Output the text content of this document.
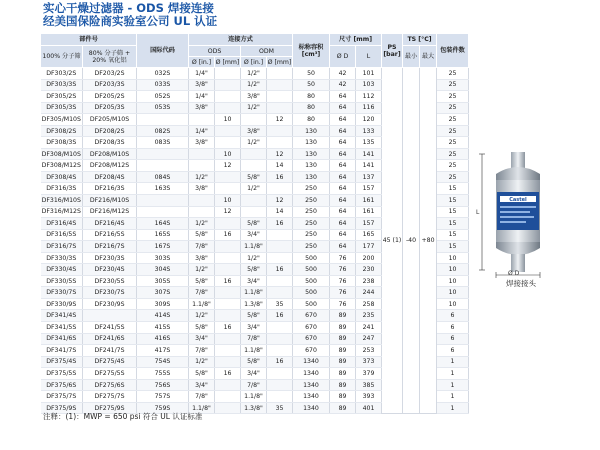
实心干燥过滤器 - ODS 焊接连接
经美国保险商实验室公司 UL 认证
部件号		国际代码	连接方式				标称容积 [cm³]	尺寸 [mm]		PS [bar]	TS [°C]		包装件数
100% 分子筛	80% 分子筛 + 20% 氧化铝		ODS		ODM			Ø D	L		最小	最大	
			Ø [in.]	Ø [mm]	Ø [in.]	Ø [mm]							
DF303/2S	DF203/2S	032S	1/4"		1/2"		50	42	101	45 (1)	-40	+80	25
DF303/3S	DF203/3S	033S	3/8"		1/2"		50	42	103				25
DF305/2S	DF205/2S	052S	1/4"		3/8"		80	64	112				25
DF305/3S	DF205/3S	053S	3/8"		1/2"		80	64	116				25
DF305/M10S	DF205/M10S			10		12	80	64	120				25
DF308/2S	DF208/2S	082S	1/4"		3/8"		130	64	133				25
DF308/3S	DF208/3S	083S	3/8"		1/2"		130	64	135				25
DF308/M10S	DF208/M10S			10		12	130	64	141				25
DF308/M12S	DF208/M12S			12		14	130	64	141				25
DF308/4S	DF208/4S	084S	1/2"		5/8"	16	130	64	137				25
DF316/3S	DF216/3S	163S	3/8"		1/2"		250	64	157				15
DF316/M10S	DF216/M10S			10		12	250	64	161				15
DF316/M12S	DF216/M12S			12		14	250	64	161				15
DF316/4S	DF216/4S	164S	1/2"		5/8"	16	250	64	157				15
DF316/5S	DF216/5S	165S	5/8"	16	3/4"		250	64	165				15
DF316/7S	DF216/7S	167S	7/8"		1.1/8"		250	64	177				15
DF330/3S	DF230/3S	303S	3/8"		1/2"		500	76	200				10
DF330/4S	DF230/4S	304S	1/2"		5/8"	16	500	76	230				10
DF330/5S	DF230/5S	305S	5/8"	16	3/4"		500	76	238				10
DF330/7S	DF230/7S	307S	7/8"		1.1/8"		500	76	244				10
DF330/9S	DF230/9S	309S	1.1/8"		1.3/8"	35	500	76	258				10
DF341/4S		414S	1/2"		5/8"	16	670	89	235				6
DF341/5S	DF241/5S	415S	5/8"	16	3/4"		670	89	241				6
DF341/6S	DF241/6S	416S	3/4"		7/8"		670	89	247				6
DF341/7S	DF241/7S	417S	7/8"		1.1/8"		670	89	253				6
DF375/4S	DF275/4S	754S	1/2"		5/8"	16	1340	89	373				1
DF375/5S	DF275/5S	755S	5/8"	16	3/4"		1340	89	379				1
DF375/6S	DF275/6S	756S	3/4"		7/8"		1340	89	385				1
DF375/7S	DF275/7S	757S	7/8"		1.1/8"		1340	89	393				1
DF375/9S	DF275/9S	759S	1.1/8"		1.3/8"	35	1340	89	401				1
注释：(1)：MWP = 650 psi 符合 UL 认证标准
Castel
L
Ø D
焊接接头
